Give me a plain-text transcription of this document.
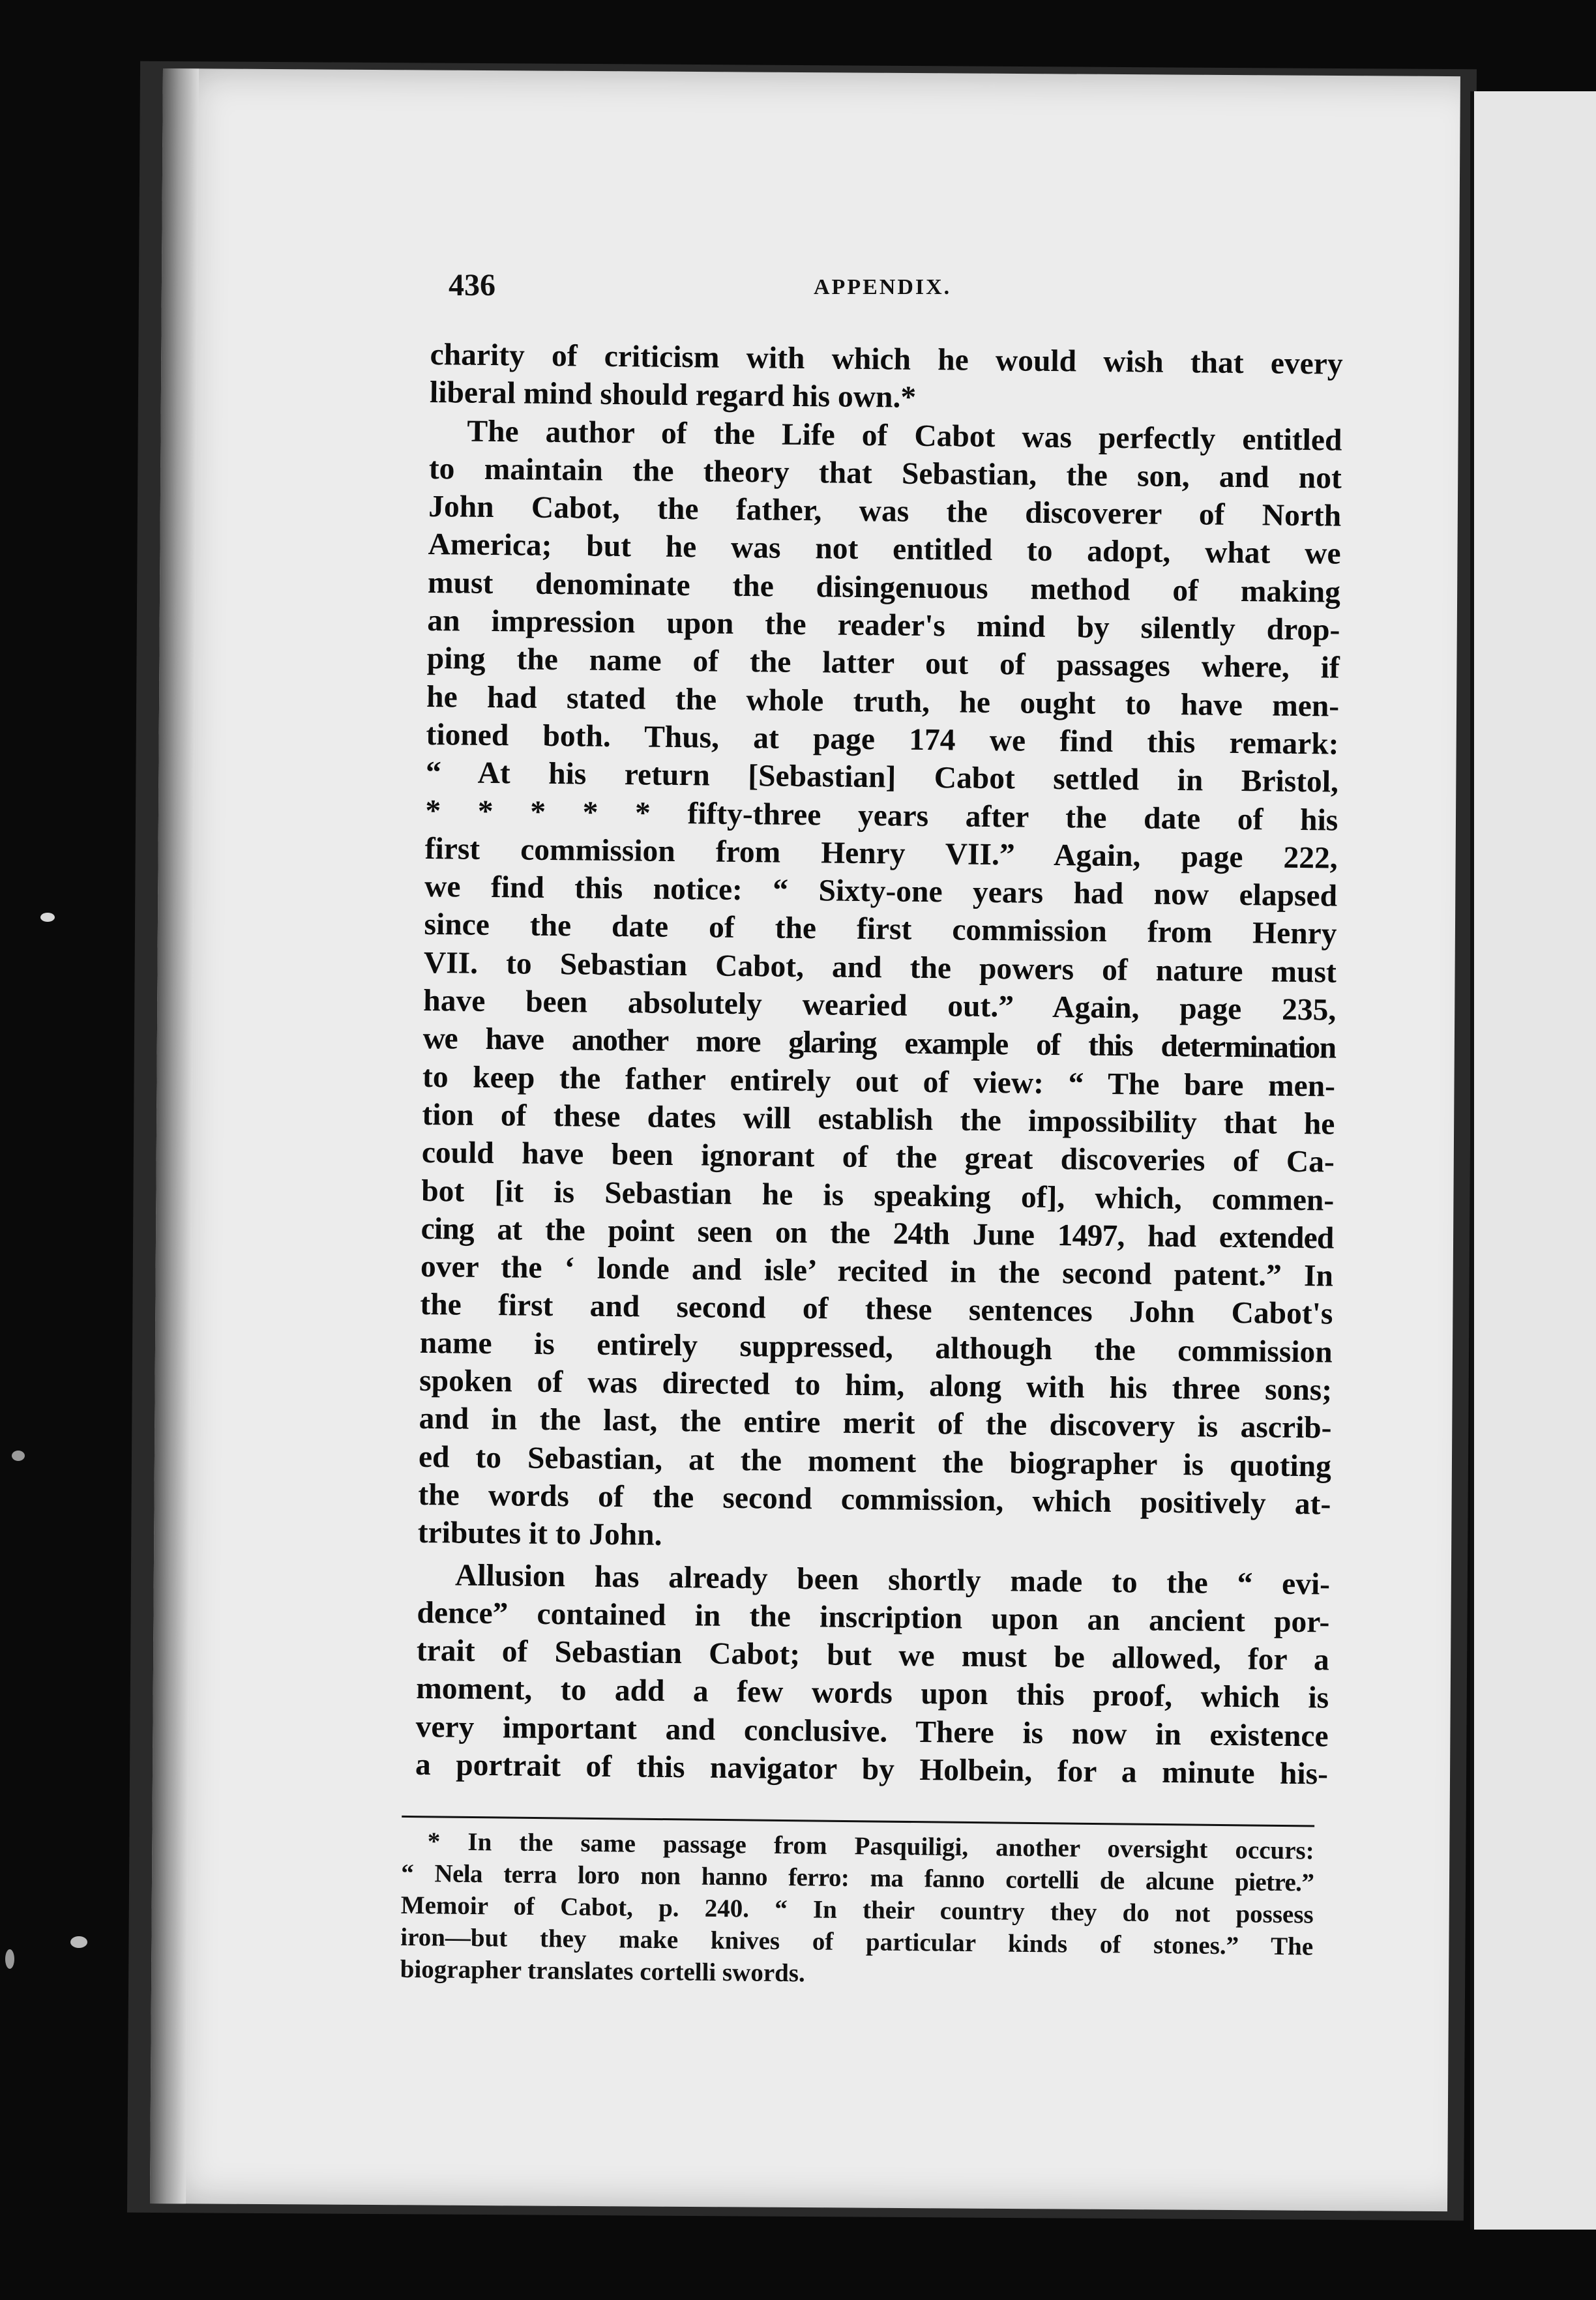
436	APPENDIX.
charity of criticism with which he would wish that every
liberal mind should regard his own.*
The author of the Life of Cabot was perfectly entitled
to maintain the theory that Sebastian, the son, and not
John Cabot, the father, was the discoverer of North
America; but he was not entitled to adopt, what we
must denominate the disingenuous method of making
an impression upon the reader's mind by silently drop-
ping the name of the latter out of passages where, if
he had stated the whole truth, he ought to have men-
tioned both. Thus, at page 174 we find this remark:
“ At his return [Sebastian] Cabot settled in Bristol,
* * * * * fifty-three years after the date of his
first commission from Henry VII.” Again, page 222,
we find this notice: “ Sixty-one years had now elapsed
since the date of the first commission from Henry
VII. to Sebastian Cabot, and the powers of nature must
have been absolutely wearied out.” Again, page 235,
we have another more glaring example of this determination
to keep the father entirely out of view: “ The bare men-
tion of these dates will establish the impossibility that he
could have been ignorant of the great discoveries of Ca-
bot [it is Sebastian he is speaking of], which, commen-
cing at the point seen on the 24th June 1497, had extended
over the ‘ londe and isle’ recited in the second patent.” In
the first and second of these sentences John Cabot's
name is entirely suppressed, although the commission
spoken of was directed to him, along with his three sons;
and in the last, the entire merit of the discovery is ascrib-
ed to Sebastian, at the moment the biographer is quoting
the words of the second commission, which positively at-
tributes it to John.
Allusion has already been shortly made to the “ evi-
dence” contained in the inscription upon an ancient por-
trait of Sebastian Cabot; but we must be allowed, for a
moment, to add a few words upon this proof, which is
very important and conclusive. There is now in existence
a portrait of this navigator by Holbein, for a minute his-
* In the same passage from Pasquiligi, another oversight occurs:
“ Nela terra loro non hanno ferro: ma fanno cortelli de alcune pietre.”
Memoir of Cabot, p. 240. “ In their country they do not possess
iron—but they make knives of particular kinds of stones.” The
biographer translates cortelli swords.
